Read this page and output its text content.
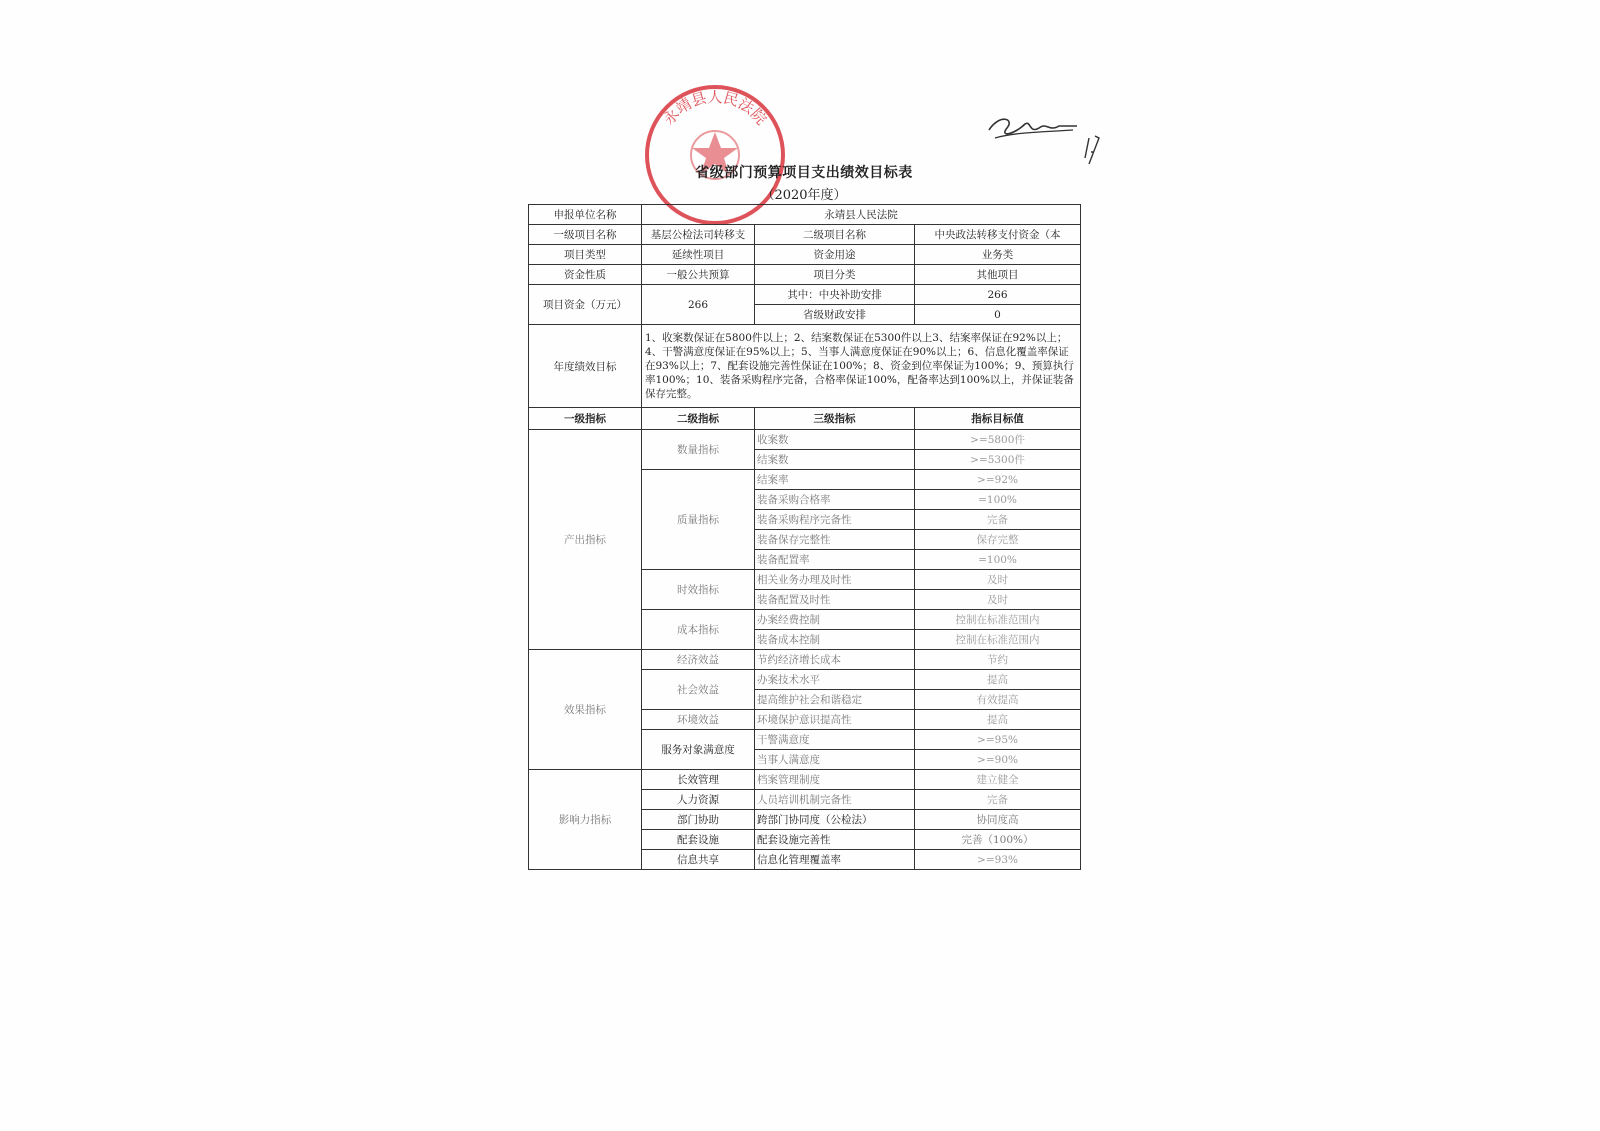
永靖县人民法院
省级部门预算项目支出绩效目标表
（2020年度）
申报单位名称	永靖县人民法院		
一级项目名称	基层公检法司转移支	二级项目名称	中央政法转移支付资金（本
项目类型	延续性项目	资金用途	业务类
资金性质	一般公共预算	项目分类	其他项目
项目资金（万元）	266	其中：中央补助安排	266
		省级财政安排	0
年度绩效目标	1、收案数保证在5800件以上；2、结案数保证在5300件以上3、结案率保证在92%以上；4、干警满意度保证在95%以上；5、当事人满意度保证在90%以上；6、信息化覆盖率保证在93%以上；7、配套设施完善性保证在100%；8、资金到位率保证为100%；9、预算执行率100%；10、装备采购程序完备，合格率保证100%，配备率达到100%以上，并保证装备保存完整。		
一级指标	二级指标	三级指标	指标目标值
产出指标	数量指标	收案数	>=5800件
		结案数	>=5300件
	质量指标	结案率	>=92%
		装备采购合格率	=100%
		装备采购程序完备性	完备
		装备保存完整性	保存完整
		装备配置率	=100%
	时效指标	相关业务办理及时性	及时
		装备配置及时性	及时
	成本指标	办案经费控制	控制在标准范围内
		装备成本控制	控制在标准范围内
效果指标	经济效益	节约经济增长成本	节约
	社会效益	办案技术水平	提高
		提高维护社会和谐稳定	有效提高
	环境效益	环境保护意识提高性	提高
	服务对象满意度	干警满意度	>=95%
		当事人满意度	>=90%
影响力指标	长效管理	档案管理制度	建立健全
	人力资源	人员培训机制完备性	完备
	部门协助	跨部门协同度（公检法）	协同度高
	配套设施	配套设施完善性	完善（100%）
	信息共享	信息化管理覆盖率	>=93%
